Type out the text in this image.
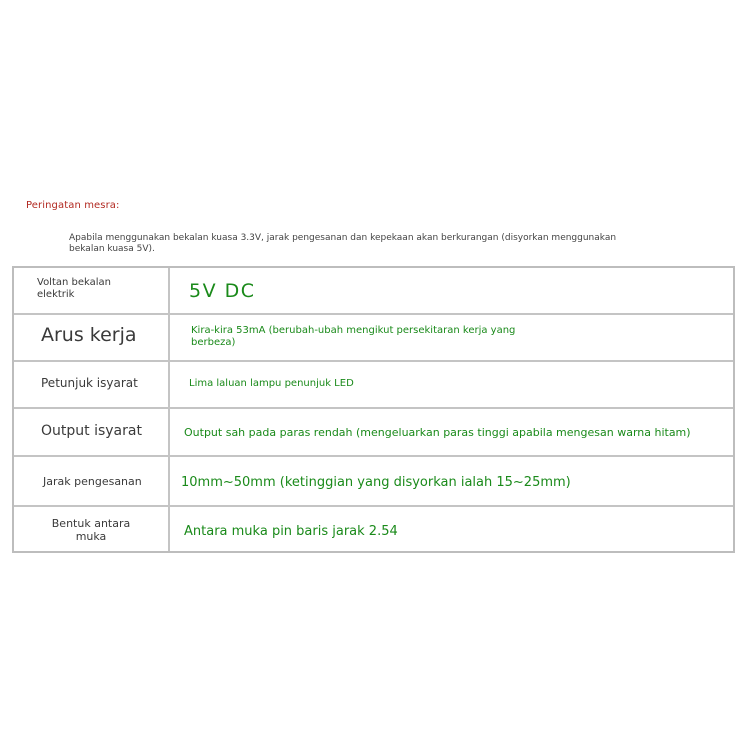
Peringatan mesra:
Apabila menggunakan bekalan kuasa 3.3V, jarak pengesanan dan kepekaan akan berkurangan (disyorkan menggunakan bekalan kuasa 5V).
Voltan bekalan elektrik	5V DC
Arus kerja	Kira-kira 53mA (berubah-ubah mengikut persekitaran kerja yang berbeza)
Petunjuk isyarat	Lima laluan lampu penunjuk LED
Output isyarat	Output sah pada paras rendah (mengeluarkan paras tinggi apabila mengesan warna hitam)
Jarak pengesanan	10mm~50mm (ketinggian yang disyorkan ialah 15~25mm)
Bentuk antara muka	Antara muka pin baris jarak 2.54
